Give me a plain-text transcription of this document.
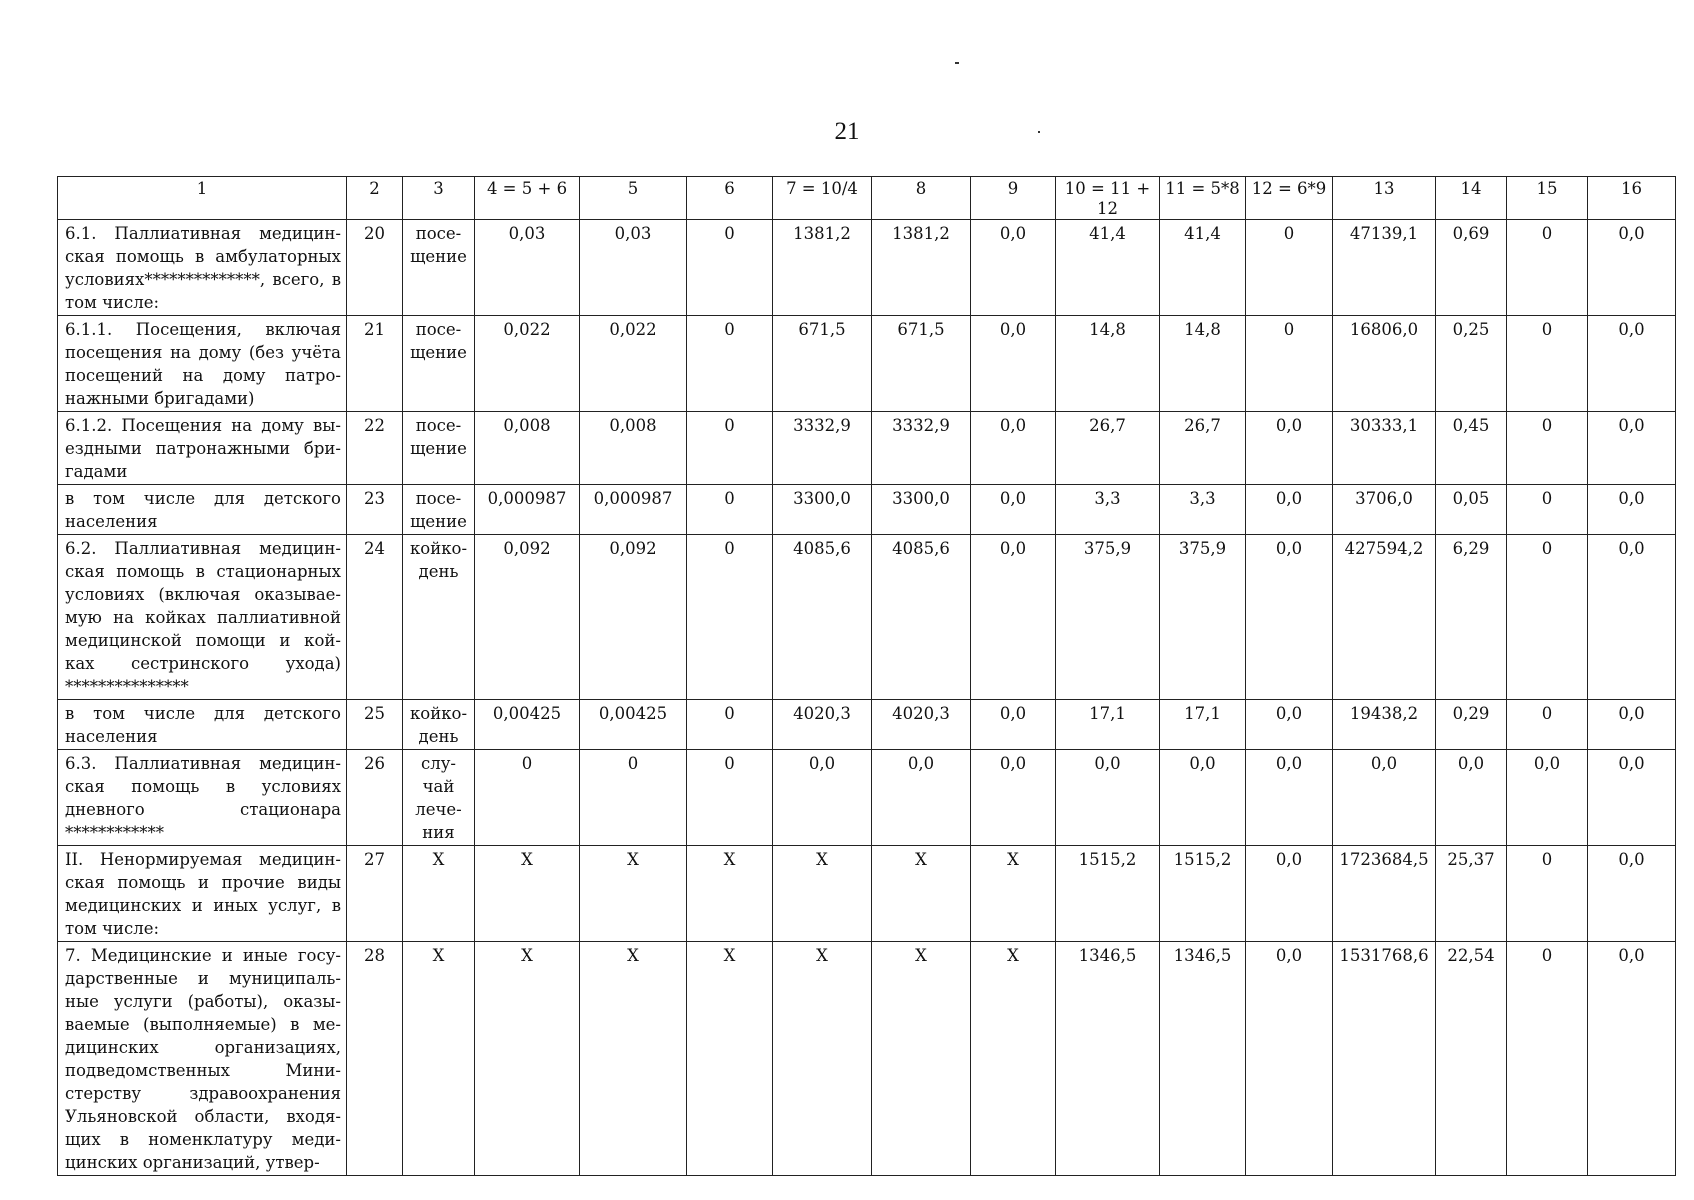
21
1	2	3	4 = 5 + 6	5	6	7 = 10/4	8	9	10 = 11 + 12	11 = 5*8	12 = 6*9	13	14	15	16
6.1. Паллиативная медицин-ская помощь в амбулаторных условиях**************, всего, в том числе:	20	посе-щение	0,03	0,03	0	1381,2	1381,2	0,0	41,4	41,4	0	47139,1	0,69	0	0,0
6.1.1. Посещения, включая посещения на дому (без учёта посещений на дому патро-нажными бригадами)	21	посе-щение	0,022	0,022	0	671,5	671,5	0,0	14,8	14,8	0	16806,0	0,25	0	0,0
6.1.2. Посещения на дому вы-ездными патронажными бри-гадами	22	посе-щение	0,008	0,008	0	3332,9	3332,9	0,0	26,7	26,7	0,0	30333,1	0,45	0	0,0
в том числе для детского населения	23	посе-щение	0,000987	0,000987	0	3300,0	3300,0	0,0	3,3	3,3	0,0	3706,0	0,05	0	0,0
6.2. Паллиативная медицин-ская помощь в стационарных условиях (включая оказывае-мую на койках паллиативной медицинской помощи и кой-ках сестринского ухода) ***************	24	койко-день	0,092	0,092	0	4085,6	4085,6	0,0	375,9	375,9	0,0	427594,2	6,29	0	0,0
в том числе для детского населения	25	койко-день	0,00425	0,00425	0	4020,3	4020,3	0,0	17,1	17,1	0,0	19438,2	0,29	0	0,0
6.3. Паллиативная медицин-ская помощь в условиях дневного стационара ************	26	слу-чай лече-ния	0	0	0	0,0	0,0	0,0	0,0	0,0	0,0	0,0	0,0	0,0	0,0
II. Ненормируемая медицин-ская помощь и прочие виды медицинских и иных услуг, в том числе:	27	X	X	X	X	X	X	X	1515,2	1515,2	0,0	1723684,5	25,37	0	0,0
7. Медицинские и иные госу-дарственные и муниципаль-ные услуги (работы), оказы-ваемые (выполняемые) в ме-дицинских организациях, подведомственных Мини-стерству здравоохранения Ульяновской области, входя-щих в номенклатуру меди-цинских организаций, утвер-	28	X	X	X	X	X	X	X	1346,5	1346,5	0,0	1531768,6	22,54	0	0,0
